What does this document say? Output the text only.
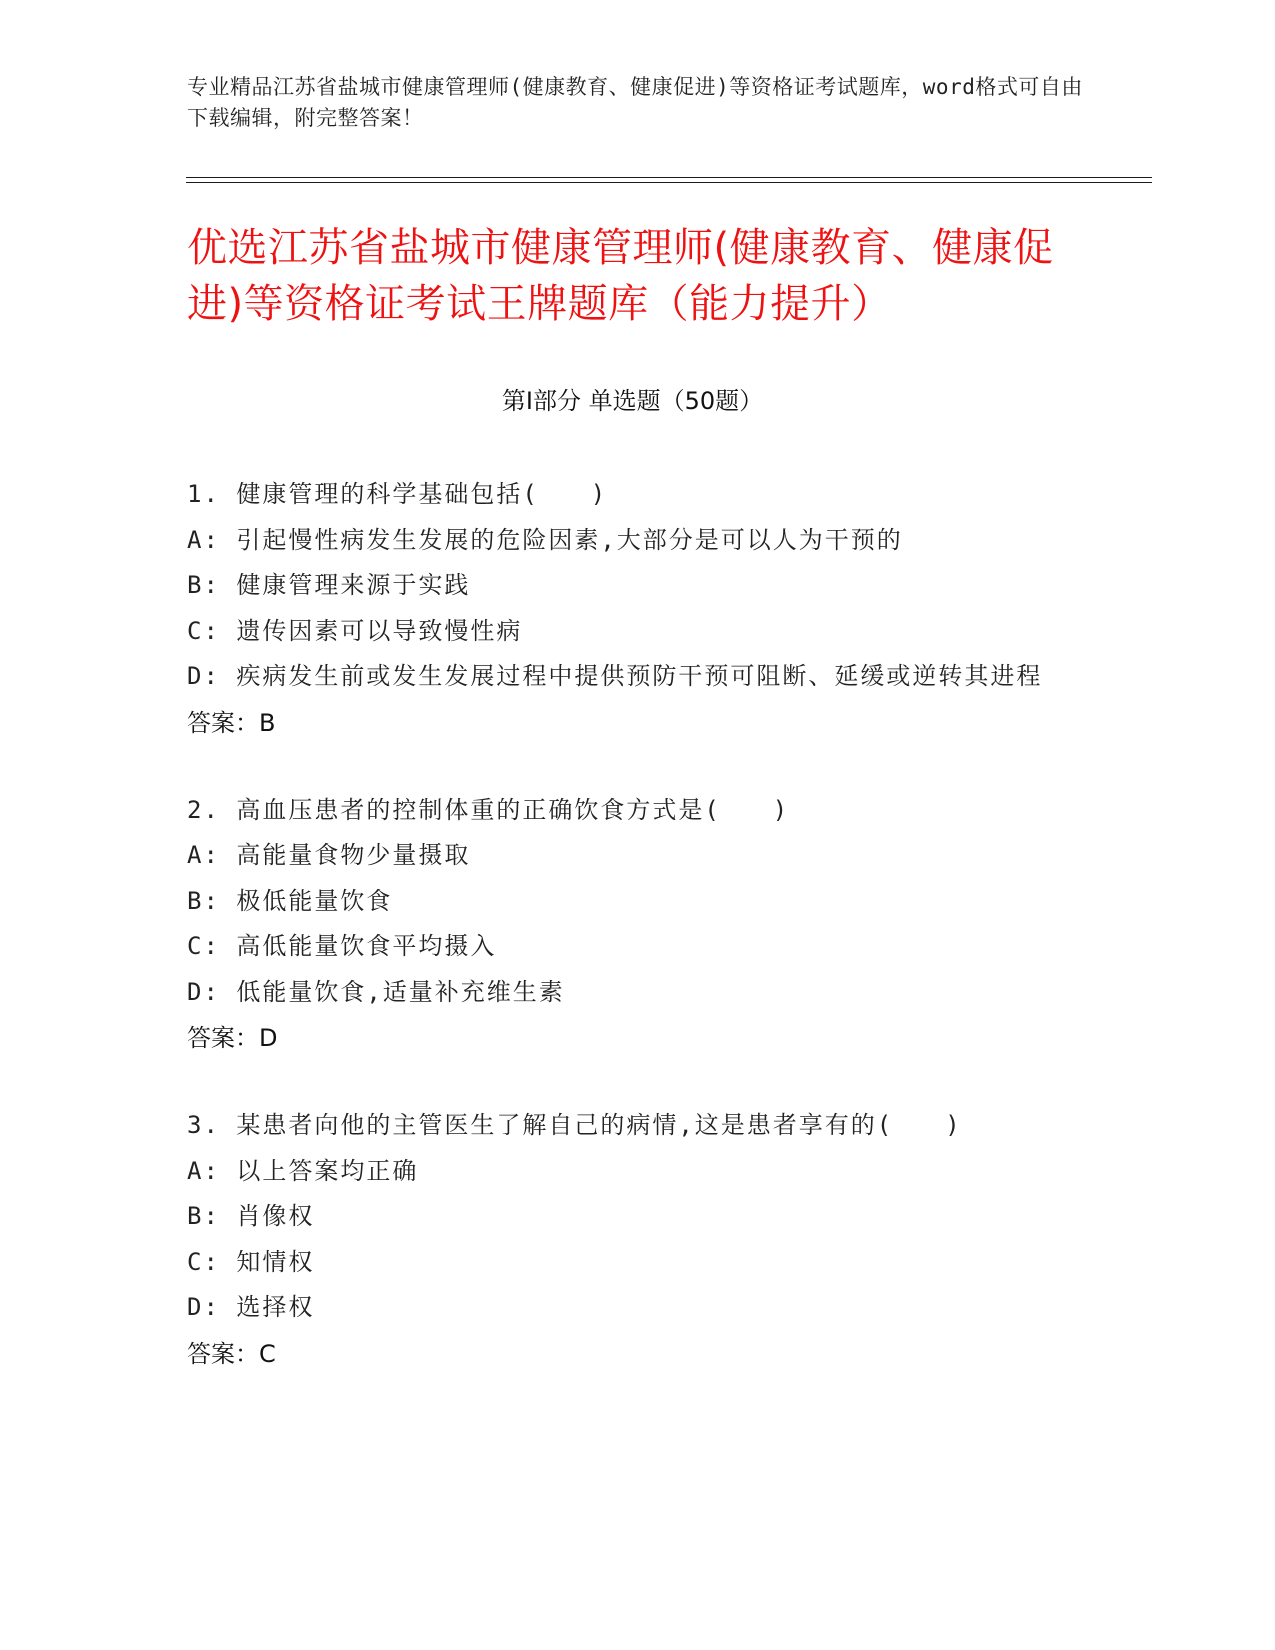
专业精品江苏省盐城市健康管理师(健康教育、健康促进)等资格证考试题库，word格式可自由下载编辑，附完整答案！
优选江苏省盐城市健康管理师(健康教育、健康促进)等资格证考试王牌题库（能力提升）
第Ⅰ部分 单选题（50题）

1. 健康管理的科学基础包括(　　)

A: 引起慢性病发生发展的危险因素,大部分是可以人为干预的

B: 健康管理来源于实践

C: 遗传因素可以导致慢性病

D: 疾病发生前或发生发展过程中提供预防干预可阻断、延缓或逆转其进程

答案：B

2. 高血压患者的控制体重的正确饮食方式是(　　)

A: 高能量食物少量摄取

B: 极低能量饮食

C: 高低能量饮食平均摄入

D: 低能量饮食,适量补充维生素

答案：D

3. 某患者向他的主管医生了解自己的病情,这是患者享有的(　　)

A: 以上答案均正确

B: 肖像权

C: 知情权

D: 选择权

答案：C
